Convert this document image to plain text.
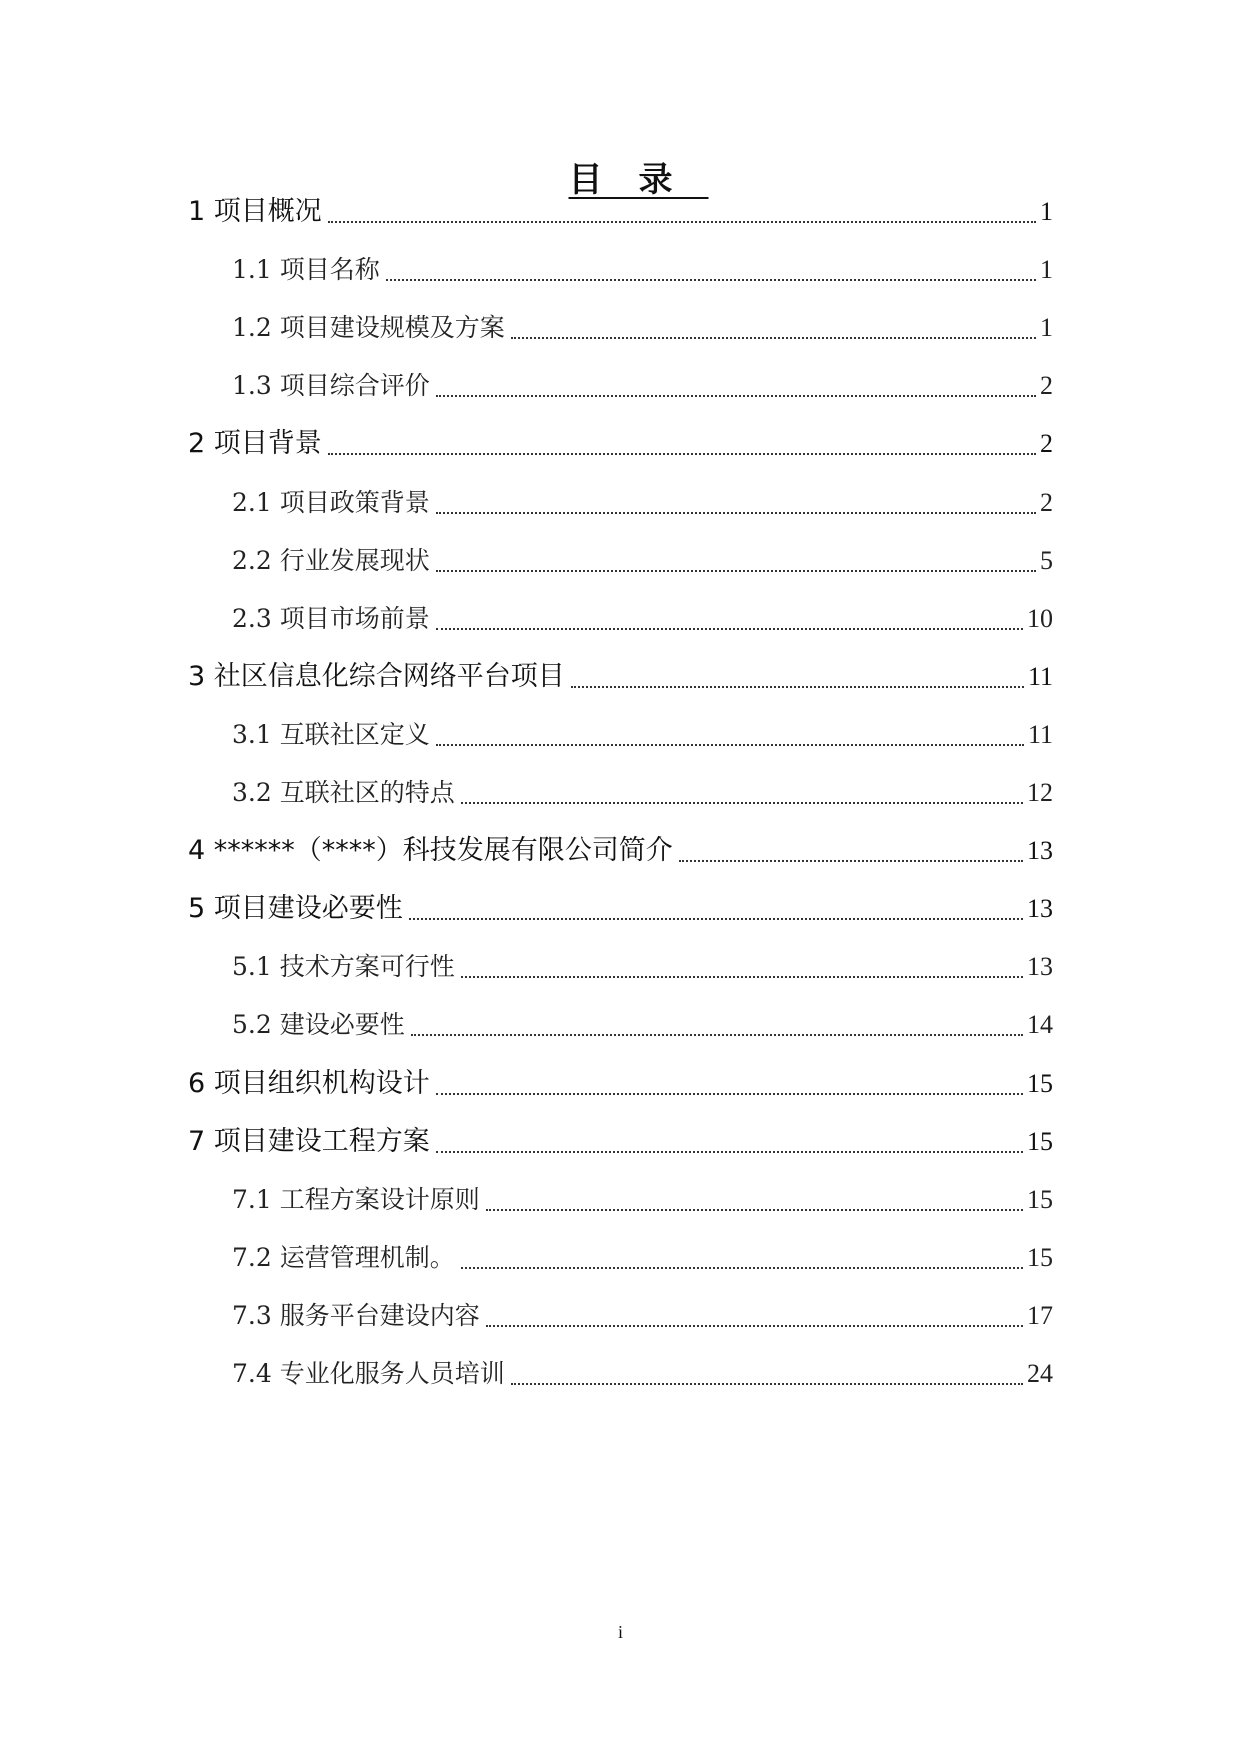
目录
1 项目概况	1
1.1 项目名称	1
1.2 项目建设规模及方案	1
1.3 项目综合评价	2
2 项目背景	2
2.1 项目政策背景	2
2.2 行业发展现状	5
2.3 项目市场前景	10
3 社区信息化综合网络平台项目	11
3.1 互联社区定义	11
3.2 互联社区的特点	12
4 ******（****）科技发展有限公司简介	13
5 项目建设必要性	13
5.1 技术方案可行性	13
5.2 建设必要性	14
6 项目组织机构设计	15
7 项目建设工程方案	15
7.1 工程方案设计原则	15
7.2 运营管理机制。	15
7.3 服务平台建设内容	17
7.4 专业化服务人员培训	24
i
